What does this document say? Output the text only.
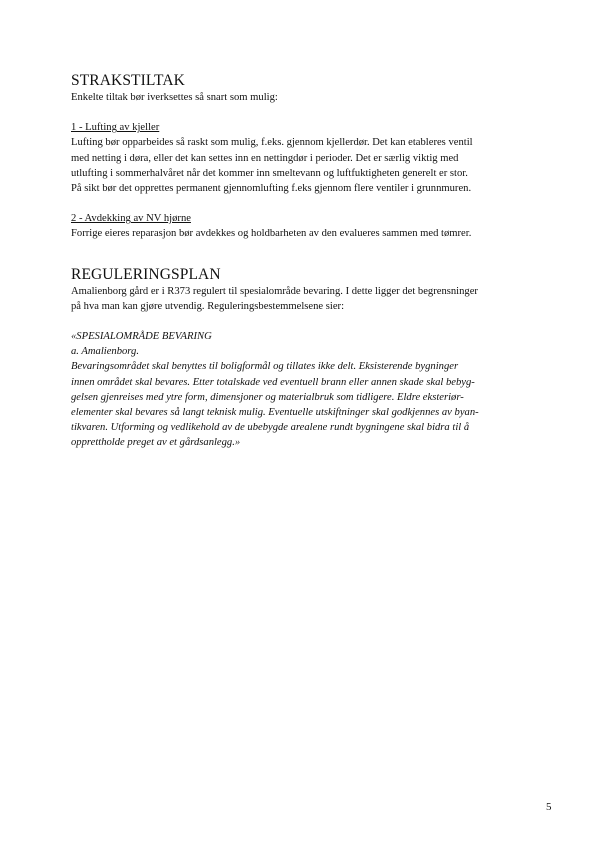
STRAKSTILTAK

Enkelte tiltak bør iverksettes så snart som mulig:

1 - Lufting av kjeller

Lufting bør opparbeides så raskt som mulig, f.eks. gjennom kjellerdør. Det kan etableres ventil

med netting i døra, eller det kan settes inn en nettingdør i perioder. Det er særlig viktig med

utlufting i sommerhalvåret når det kommer inn smeltevann og luftfuktigheten generelt er stor.

På sikt bør det opprettes permanent gjennomlufting f.eks gjennom flere ventiler i grunnmuren.

2 - Avdekking av NV hjørne

Forrige eieres reparasjon bør avdekkes og holdbarheten av den evalueres sammen med tømrer.

REGULERINGSPLAN

Amalienborg gård er i R373 regulert til spesialområde bevaring. I dette ligger det begrensninger

på hva man kan gjøre utvendig. Reguleringsbestemmelsene sier:

«SPESIALOMRÅDE BEVARING

a. Amalienborg.

Bevaringsområdet skal benyttes til boligformål og tillates ikke delt. Eksisterende bygninger

innen området skal bevares. Etter totalskade ved eventuell brann eller annen skade skal bebyg-

gelsen gjenreises med ytre form, dimensjoner og materialbruk som tidligere. Eldre eksteriør-

elementer skal bevares så langt teknisk mulig. Eventuelle utskiftninger skal godkjennes av byan-

tikvaren. Utforming og vedlikehold av de ubebygde arealene rundt bygningene skal bidra til å

opprettholde preget av et gårdsanlegg.»

5
